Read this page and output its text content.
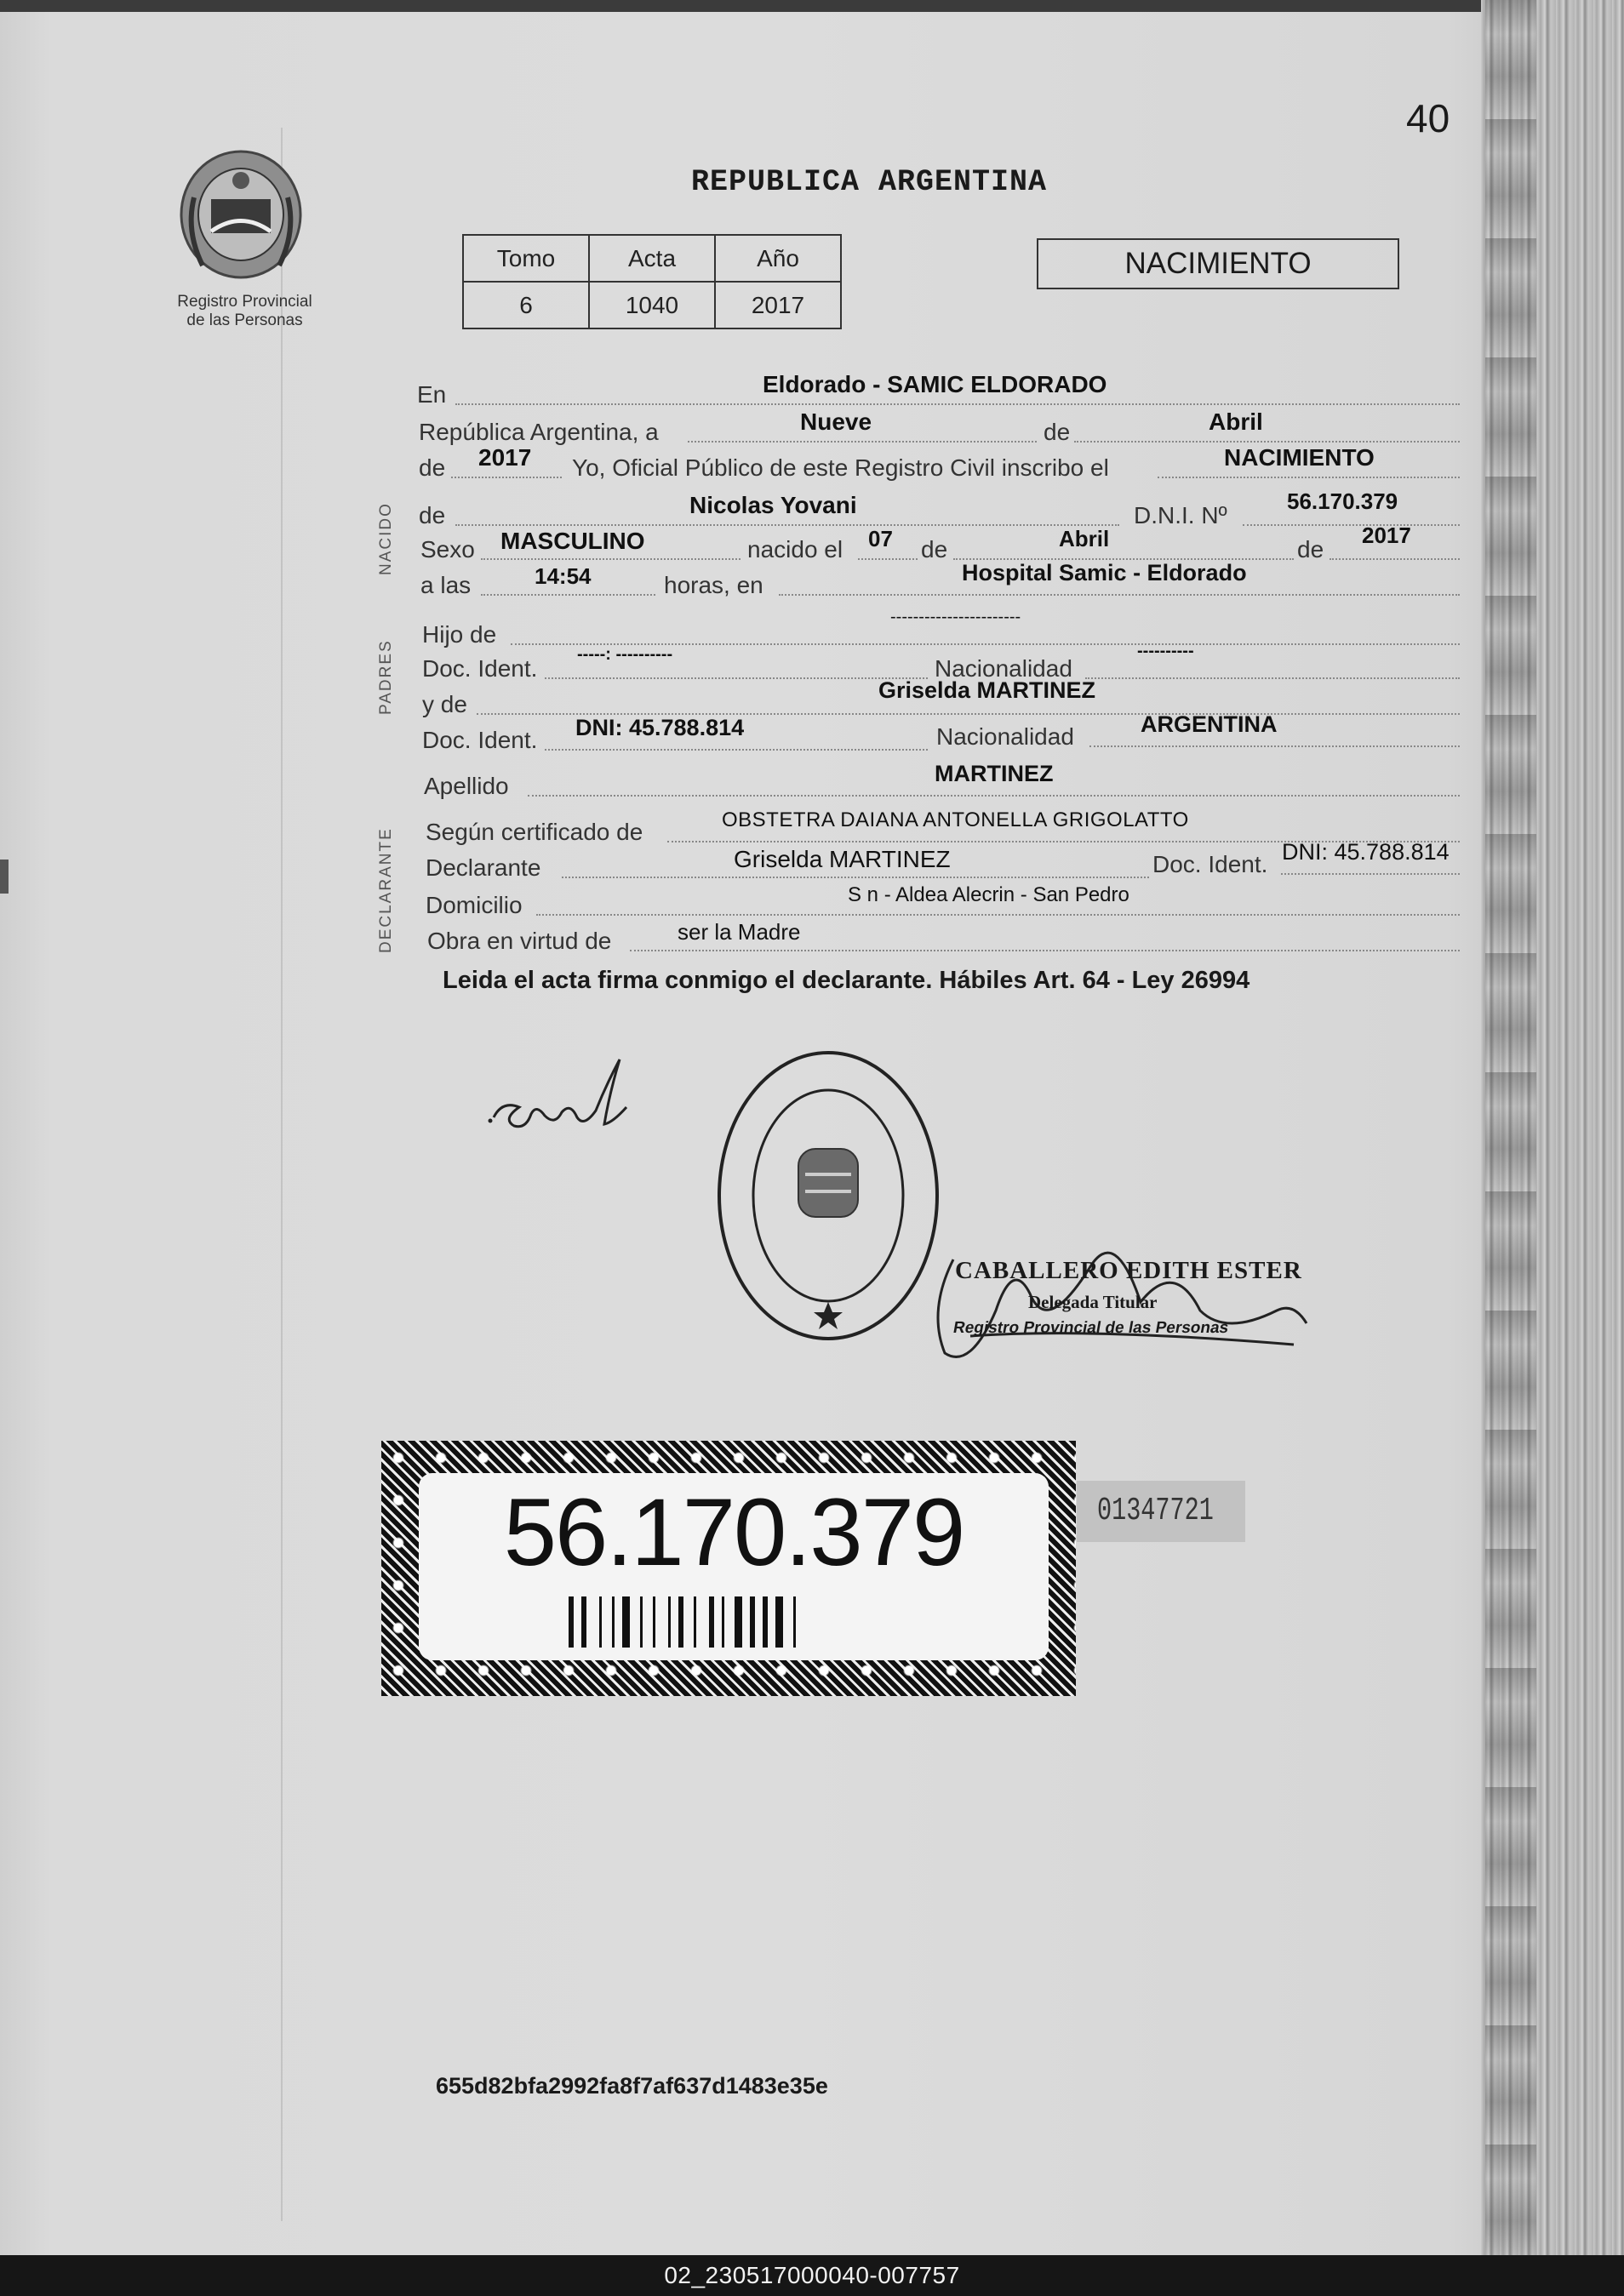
40
REPUBLICA ARGENTINA
Registro Provincial
de las Personas
Tomo	Acta	Año
6	1040	2017
NACIMIENTO
NACIDO
PADRES
DECLARANTE
En	Eldorado - SAMIC ELDORADO
República Argentina, a	Nueve	de	Abril
de 2017 Yo, Oficial Público de este Registro Civil inscribo el	NACIMIENTO
de	Nicolas Yovani	D.N.I. Nº
56.170.379
Sexo MASCULINO	nacido el 07 de	Abril	de
2017
a las	14:54	horas, en	Hospital Samic - Eldorado
Hijo de
-----------------------
Doc. Ident.
-----: ----------
Nacionalidad
----------
y de
Griselda MARTINEZ
Doc. Ident. DNI: 45.788.814	Nacionalidad	ARGENTINA
Apellido	MARTINEZ
Según certificado de	OBSTETRA DAIANA ANTONELLA GRIGOLATTO
Declarante	Griselda MARTINEZ	Doc. Ident. DNI: 45.788.814
Domicilio	S n - Aldea Alecrin - San Pedro
Obra en virtud de	ser la Madre
Leida el acta firma conmigo el declarante. Hábiles Art. 64 - Ley 26994
CABALLERO EDITH ESTER
Delegada Titular
Registro Provincial de las Personas
56.170.379	01347721
655d82bfa2992fa8f7af637d1483e35e
02_230517000040-007757
